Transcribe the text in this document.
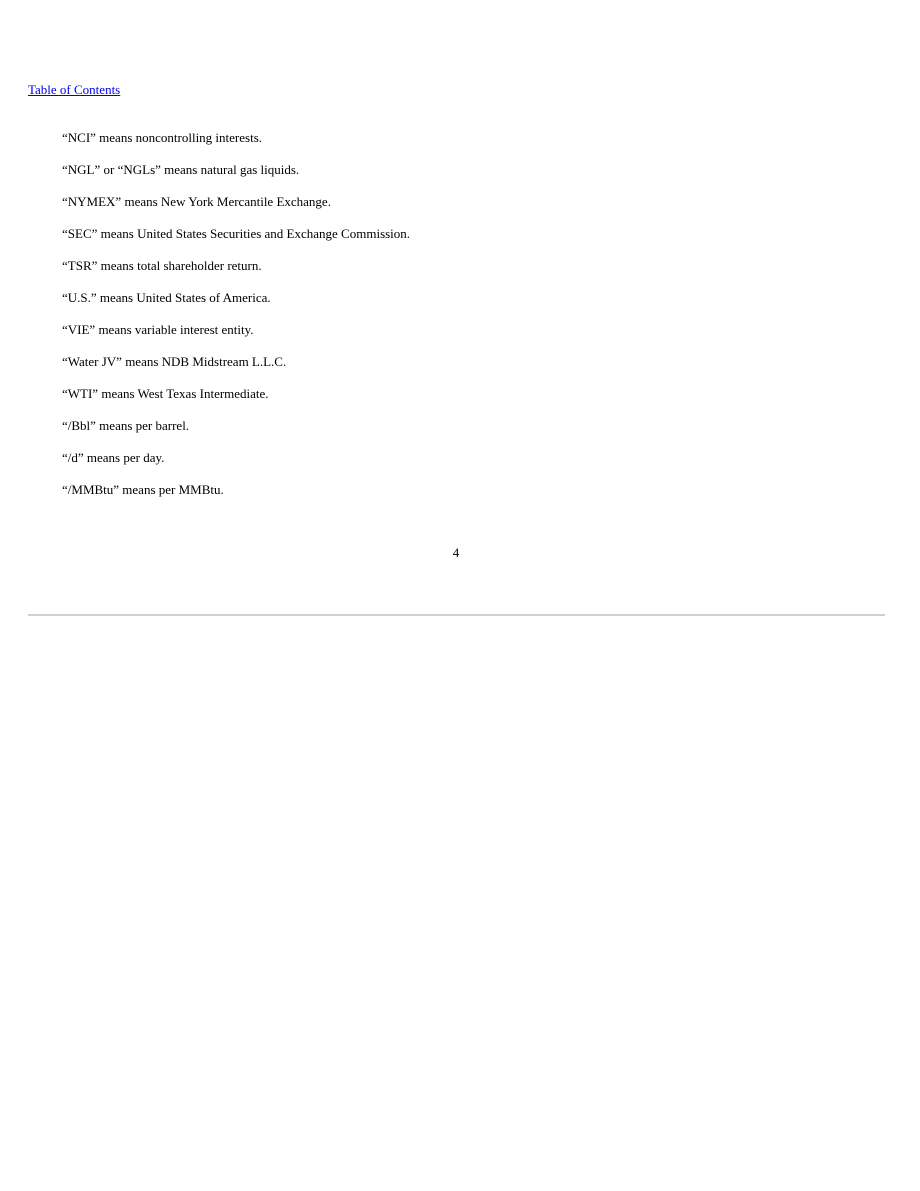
Table of Contents
“NCI” means noncontrolling interests.
“NGL” or “NGLs” means natural gas liquids.
“NYMEX” means New York Mercantile Exchange.
“SEC” means United States Securities and Exchange Commission.
“TSR” means total shareholder return.
“U.S.” means United States of America.
“VIE” means variable interest entity.
“Water JV” means NDB Midstream L.L.C.
“WTI” means West Texas Intermediate.
“/Bbl” means per barrel.
“/d” means per day.
“/MMBtu” means per MMBtu.
4
